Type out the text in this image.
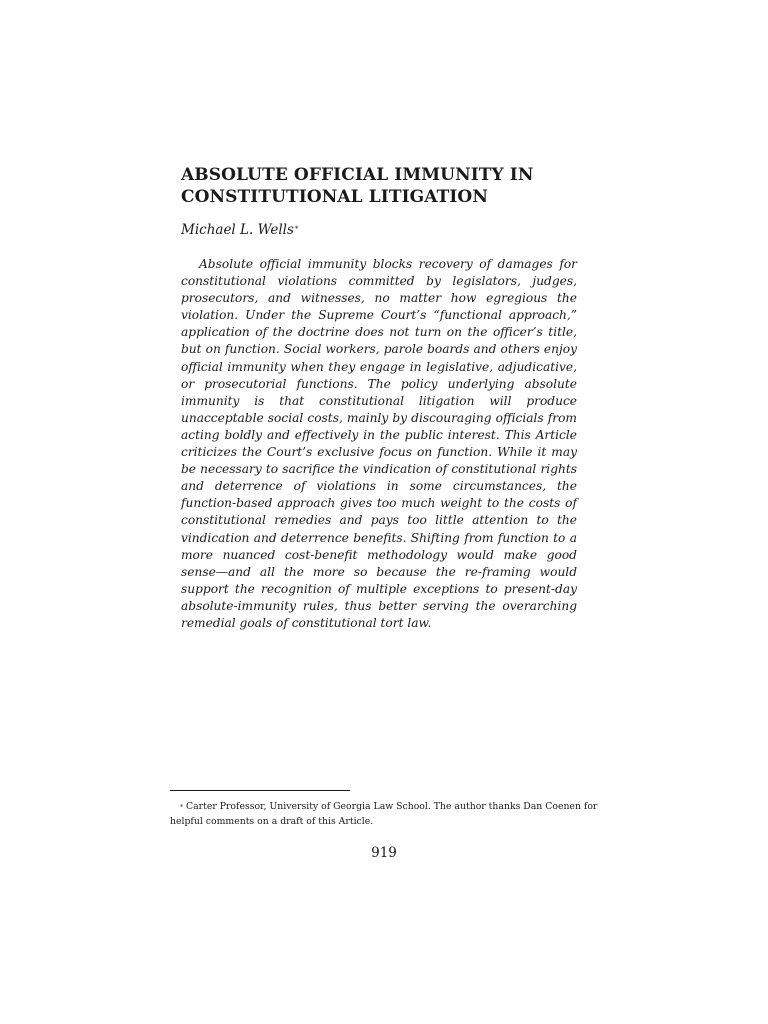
ABSOLUTE OFFICIAL IMMUNITY IN
CONSTITUTIONAL LITIGATION
Michael L. Wells*
Absolute official immunity blocks recovery of damages for
constitutional violations committed by legislators, judges,
prosecutors, and witnesses, no matter how egregious the
violation. Under the Supreme Court’s “functional approach,”
application of the doctrine does not turn on the officer’s title,
but on function. Social workers, parole boards and others enjoy
official immunity when they engage in legislative, adjudicative,
or prosecutorial functions. The policy underlying absolute
immunity is that constitutional litigation will produce
unacceptable social costs, mainly by discouraging officials from
acting boldly and effectively in the public interest. This Article
criticizes the Court’s exclusive focus on function. While it may
be necessary to sacrifice the vindication of constitutional rights
and deterrence of violations in some circumstances, the
function-based approach gives too much weight to the costs of
constitutional remedies and pays too little attention to the
vindication and deterrence benefits. Shifting from function to a
more nuanced cost-benefit methodology would make good
sense—and all the more so because the re-framing would
support the recognition of multiple exceptions to present-day
absolute-immunity rules, thus better serving the overarching
remedial goals of constitutional tort law.
* Carter Professor, University of Georgia Law School. The author thanks Dan Coenen for
helpful comments on a draft of this Article.
919
